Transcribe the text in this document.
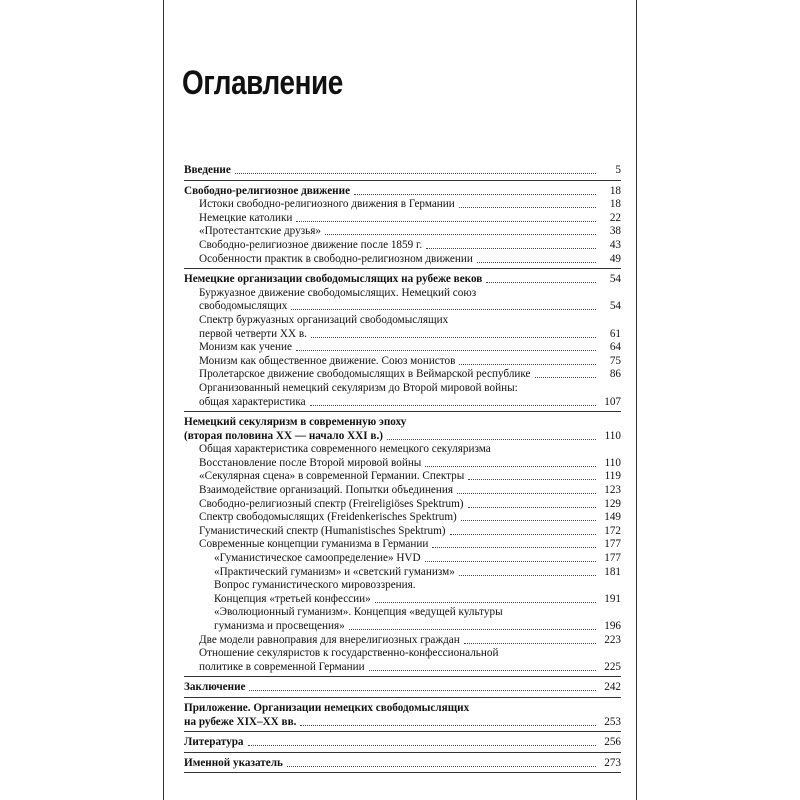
Оглавление
Введение	5
Свободно-религиозное движение	18
Истоки свободно-религиозного движения в Германии	18
Немецкие католики	22
«Протестантские друзья»	38
Свободно-религиозное движение после 1859 г.	43
Особенности практик в свободно-религиозном движении	49
Немецкие организации свободомыслящих на рубеже веков	54
Буржуазное движение свободомыслящих. Немецкий союз
свободомыслящих	54
Спектр буржуазных организаций свободомыслящих
первой четверти XX в.	61
Монизм как учение	64
Монизм как общественное движение. Союз монистов	75
Пролетарское движение свободомыслящих в Веймарской республике	86
Организованный немецкий секуляризм до Второй мировой войны:
общая характеристика	107
Немецкий секуляризм в современную эпоху
(вторая половина XX — начало XXI в.)	110
Общая характеристика современного немецкого секуляризма
Восстановление после Второй мировой войны	110
«Секулярная сцена» в современной Германии. Спектры	119
Взаимодействие организаций. Попытки объединения	123
Свободно-религиозный спектр (Freireligiöses Spektrum)	129
Спектр свободомыслящих (Freidenkerisches Spektrum)	149
Гуманистический спектр (Humanistisches Spektrum)	172
Современные концепции гуманизма в Германии	177
«Гуманистическое самоопределение» HVD	177
«Практический гуманизм» и «светский гуманизм»	181
Вопрос гуманистического мировоззрения.
Концепция «третьей конфессии»	191
«Эволюционный гуманизм». Концепция «ведущей культуры
гуманизма и просвещения»	196
Две модели равноправия для внерелигиозных граждан	223
Отношение секуляристов к государственно-конфессиональной
политике в современной Германии	225
Заключение	242
Приложение. Организации немецких свободомыслящих
на рубеже XIX–XX вв.	253
Литература	256
Именной указатель	273
